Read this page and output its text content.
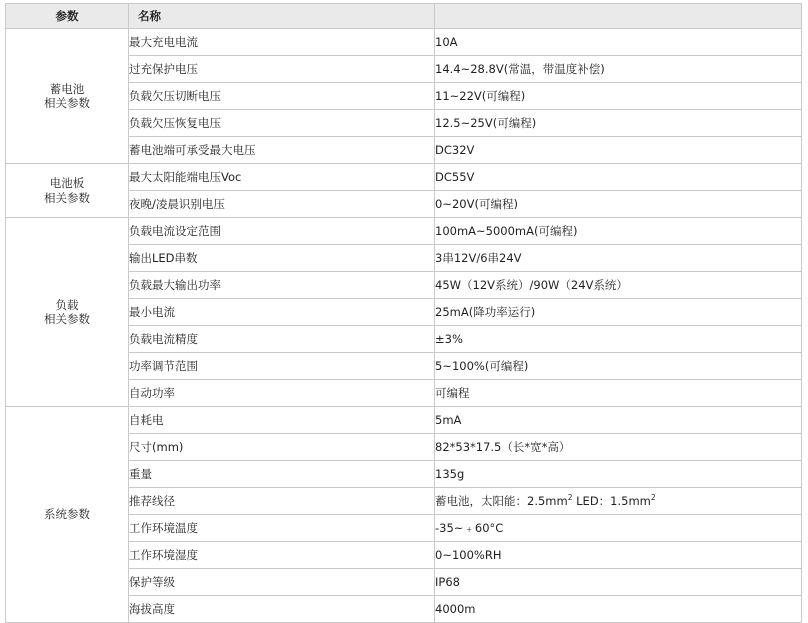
参数	名称	

蓄电池
相关参数	最大充电电流	10A
	过充保护电压	14.4~28.8V(常温，带温度补偿)
	负载欠压切断电压	11~22V(可编程)
	负载欠压恢复电压	12.5~25V(可编程)
	蓄电池端可承受最大电压	DC32V

电池板
相关参数	最大太阳能端电压Voc	DC55V
	夜晚/凌晨识别电压	0~20V(可编程)

负载
相关参数	负载电流设定范围	100mA~5000mA(可编程)
	输出LED串数	3串12V/6串24V
	负载最大输出功率	45W（12V系统）/90W（24V系统）
	最小电流	25mA(降功率运行)
	负载电流精度	±3%
	功率调节范围	5~100%(可编程)
	自动功率	可编程

系统参数	自耗电	5mA
	尺寸(mm)	82*53*17.5（长*宽*高）
	重量	135g
	推荐线径	蓄电池，太阳能：$2.5mm^2$ LED：$1.5mm^2$
	工作环境温度	-35~﹢60°C
	工作环境湿度	0~100%RH
	保护等级	IP68
	海拔高度	4000m
